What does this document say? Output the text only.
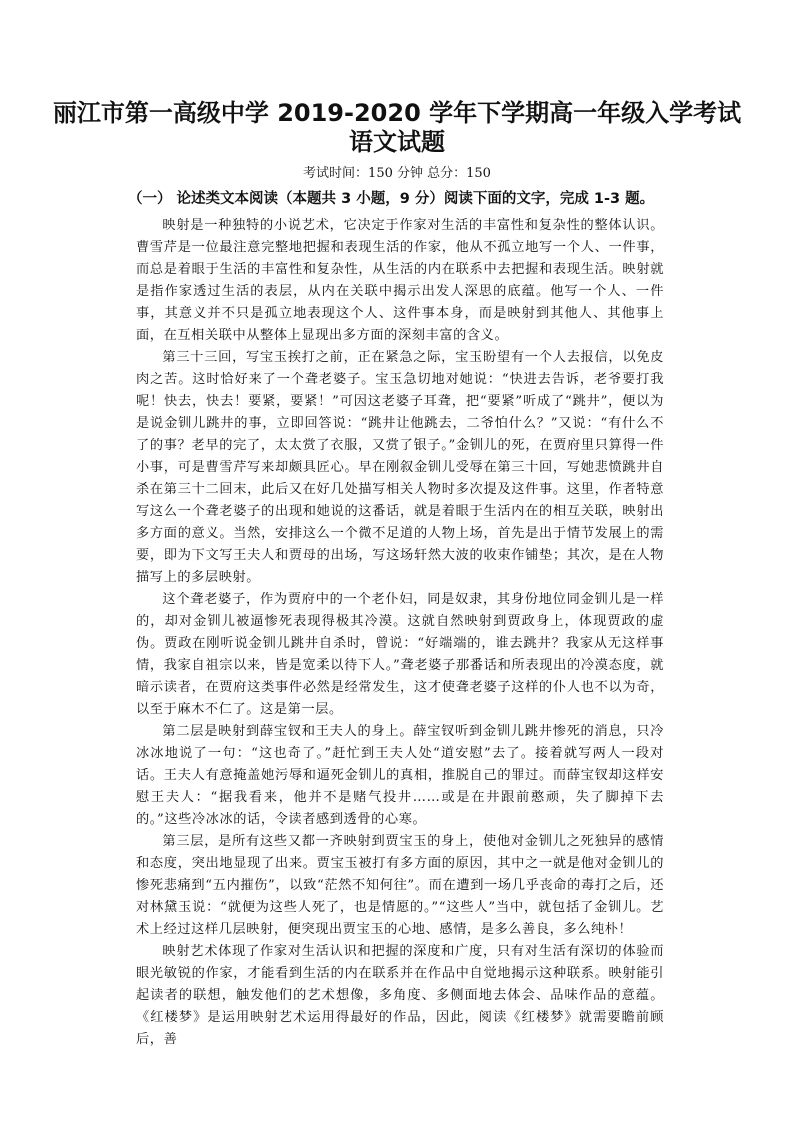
丽江市第一高级中学 2019-2020 学年下学期高一年级入学考试
语文试题
考试时间：150 分钟 总分：150
（一） 论述类文本阅读（本题共 3 小题，9 分）阅读下面的文字，完成 1-3 题。

映射是一种独特的小说艺术，它决定于作家对生活的丰富性和复杂性的整体认识。曹雪芹是一位最注意完整地把握和表现生活的作家，他从不孤立地写一个人、一件事，而总是着眼于生活的丰富性和复杂性，从生活的内在联系中去把握和表现生活。映射就是指作家透过生活的表层，从内在关联中揭示出发人深思的底蕴。他写一个人、一件事，其意义并不只是孤立地表现这个人、这件事本身，而是映射到其他人、其他事上面，在互相关联中从整体上显现出多方面的深刻丰富的含义。

第三十三回，写宝玉挨打之前，正在紧急之际，宝玉盼望有一个人去报信，以免皮肉之苦。这时恰好来了一个聋老婆子。宝玉急切地对她说：“快进去告诉，老爷要打我呢！快去，快去！要紧，要紧！”可因这老婆子耳聋，把“要紧”听成了“跳井”，便以为是说金钏儿跳井的事，立即回答说：“跳井让他跳去，二爷怕什么？”又说：“有什么不了的事？老早的完了，太太赏了衣服，又赏了银子。”金钏儿的死，在贾府里只算得一件小事，可是曹雪芹写来却颇具匠心。早在刚叙金钏儿受辱在第三十回，写她悲愤跳井自杀在第三十二回末，此后又在好几处描写相关人物时多次提及这件事。这里，作者特意写这么一个聋老婆子的出现和她说的这番话，就是着眼于生活内在的相互关联，映射出多方面的意义。当然，安排这么一个微不足道的人物上场，首先是出于情节发展上的需要，即为下文写王夫人和贾母的出场，写这场轩然大波的收束作铺垫；其次，是在人物描写上的多层映射。

这个聋老婆子，作为贾府中的一个老仆妇，同是奴隶，其身份地位同金钏儿是一样的，却对金钏儿被逼惨死表现得极其冷漠。这就自然映射到贾政身上，体现贾政的虚伪。贾政在刚听说金钏儿跳井自杀时，曾说：“好端端的，谁去跳井？我家从无这样事情，我家自祖宗以来，皆是宽柔以待下人。”聋老婆子那番话和所表现出的冷漠态度，就暗示读者，在贾府这类事件必然是经常发生，这才使聋老婆子这样的仆人也不以为奇，以至于麻木不仁了。这是第一层。

第二层是映射到薛宝钗和王夫人的身上。薛宝钗听到金钏儿跳井惨死的消息，只冷冰冰地说了一句：“这也奇了。”赶忙到王夫人处“道安慰”去了。接着就写两人一段对话。王夫人有意掩盖她污辱和逼死金钏儿的真相，推脱自己的罪过。而薛宝钗却这样安慰王夫人：“据我看来，他并不是赌气投井……或是在井跟前憨顽，失了脚掉下去的。”这些冷冰冰的话，令读者感到透骨的心寒。

第三层，是所有这些又都一齐映射到贾宝玉的身上，使他对金钏儿之死独异的感情和态度，突出地显现了出来。贾宝玉被打有多方面的原因，其中之一就是他对金钏儿的惨死悲痛到“五内摧伤”，以致“茫然不知何往”。而在遭到一场几乎丧命的毒打之后，还对林黛玉说：“就便为这些人死了，也是情愿的。”“这些人”当中，就包括了金钏儿。艺术上经过这样几层映射，便突现出贾宝玉的心地、感情，是多么善良，多么纯朴！

映射艺术体现了作家对生活认识和把握的深度和广度，只有对生活有深切的体验而眼光敏锐的作家，才能看到生活的内在联系并在作品中自觉地揭示这种联系。映射能引起读者的联想，触发他们的艺术想像，多角度、多侧面地去体会、品味作品的意蕴。《红楼梦》是运用映射艺术运用得最好的作品，因此，阅读《红楼梦》就需要瞻前顾后，善
